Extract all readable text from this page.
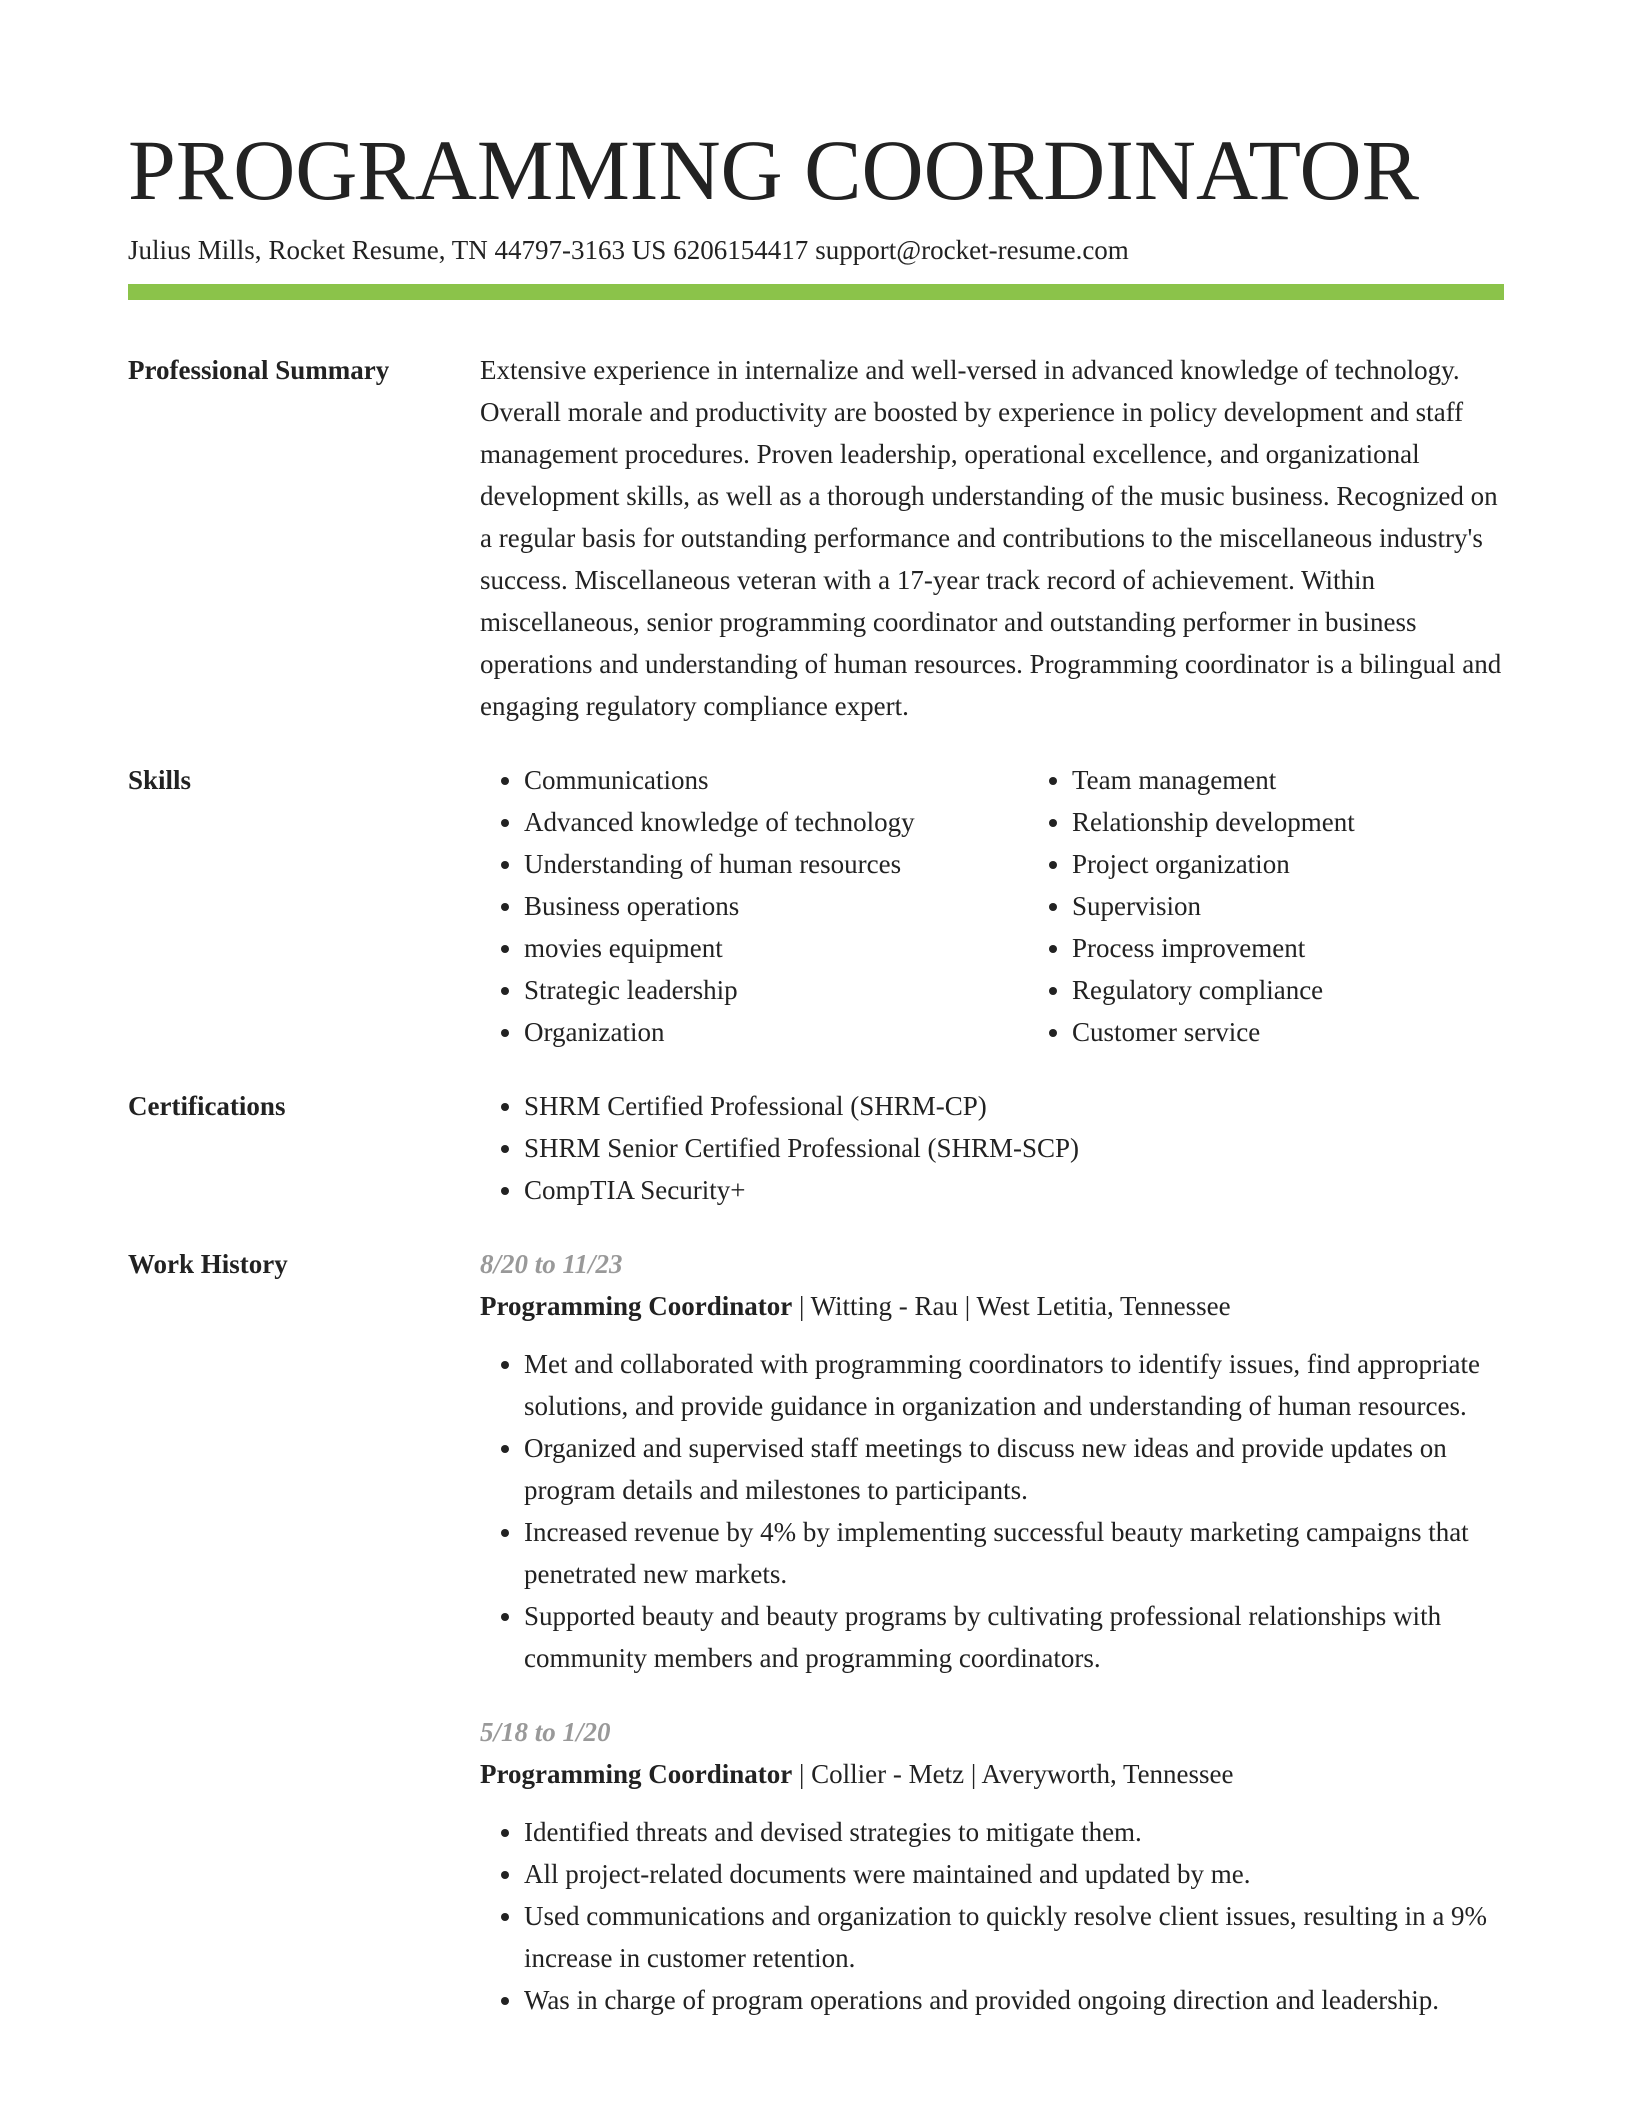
PROGRAMMING COORDINATOR
Julius Mills, Rocket Resume, TN 44797-3163 US 6206154417 support@rocket-resume.com
Professional Summary	Extensive experience in internalize and well-versed in advanced knowledge of technology. Overall morale and productivity are boosted by experience in policy development and staff management procedures. Proven leadership, operational excellence, and organizational development skills, as well as a thorough understanding of the music business. Recognized on a regular basis for outstanding performance and contributions to the miscellaneous industry's success. Miscellaneous veteran with a 17-year track record of achievement. Within miscellaneous, senior programming coordinator and outstanding performer in business operations and understanding of human resources. Programming coordinator is a bilingual and engaging regulatory compliance expert.
Skills	• Communications
• Advanced knowledge of technology
• Understanding of human resources
• Business operations
• movies equipment
• Strategic leadership
• Organization
• Team management
• Relationship development
• Project organization
• Supervision
• Process improvement
• Regulatory compliance
• Customer service
Certifications	• SHRM Certified Professional (SHRM-CP)
• SHRM Senior Certified Professional (SHRM-SCP)
• CompTIA Security+
Work History	8/20 to 11/23
Programming Coordinator | Witting - Rau | West Letitia, Tennessee
• Met and collaborated with programming coordinators to identify issues, find appropriate solutions, and provide guidance in organization and understanding of human resources.
• Organized and supervised staff meetings to discuss new ideas and provide updates on program details and milestones to participants.
• Increased revenue by 4% by implementing successful beauty marketing campaigns that penetrated new markets.
• Supported beauty and beauty programs by cultivating professional relationships with community members and programming coordinators.
5/18 to 1/20
Programming Coordinator | Collier - Metz | Averyworth, Tennessee
• Identified threats and devised strategies to mitigate them.
• All project-related documents were maintained and updated by me.
• Used communications and organization to quickly resolve client issues, resulting in a 9% increase in customer retention.
• Was in charge of program operations and provided ongoing direction and leadership.
